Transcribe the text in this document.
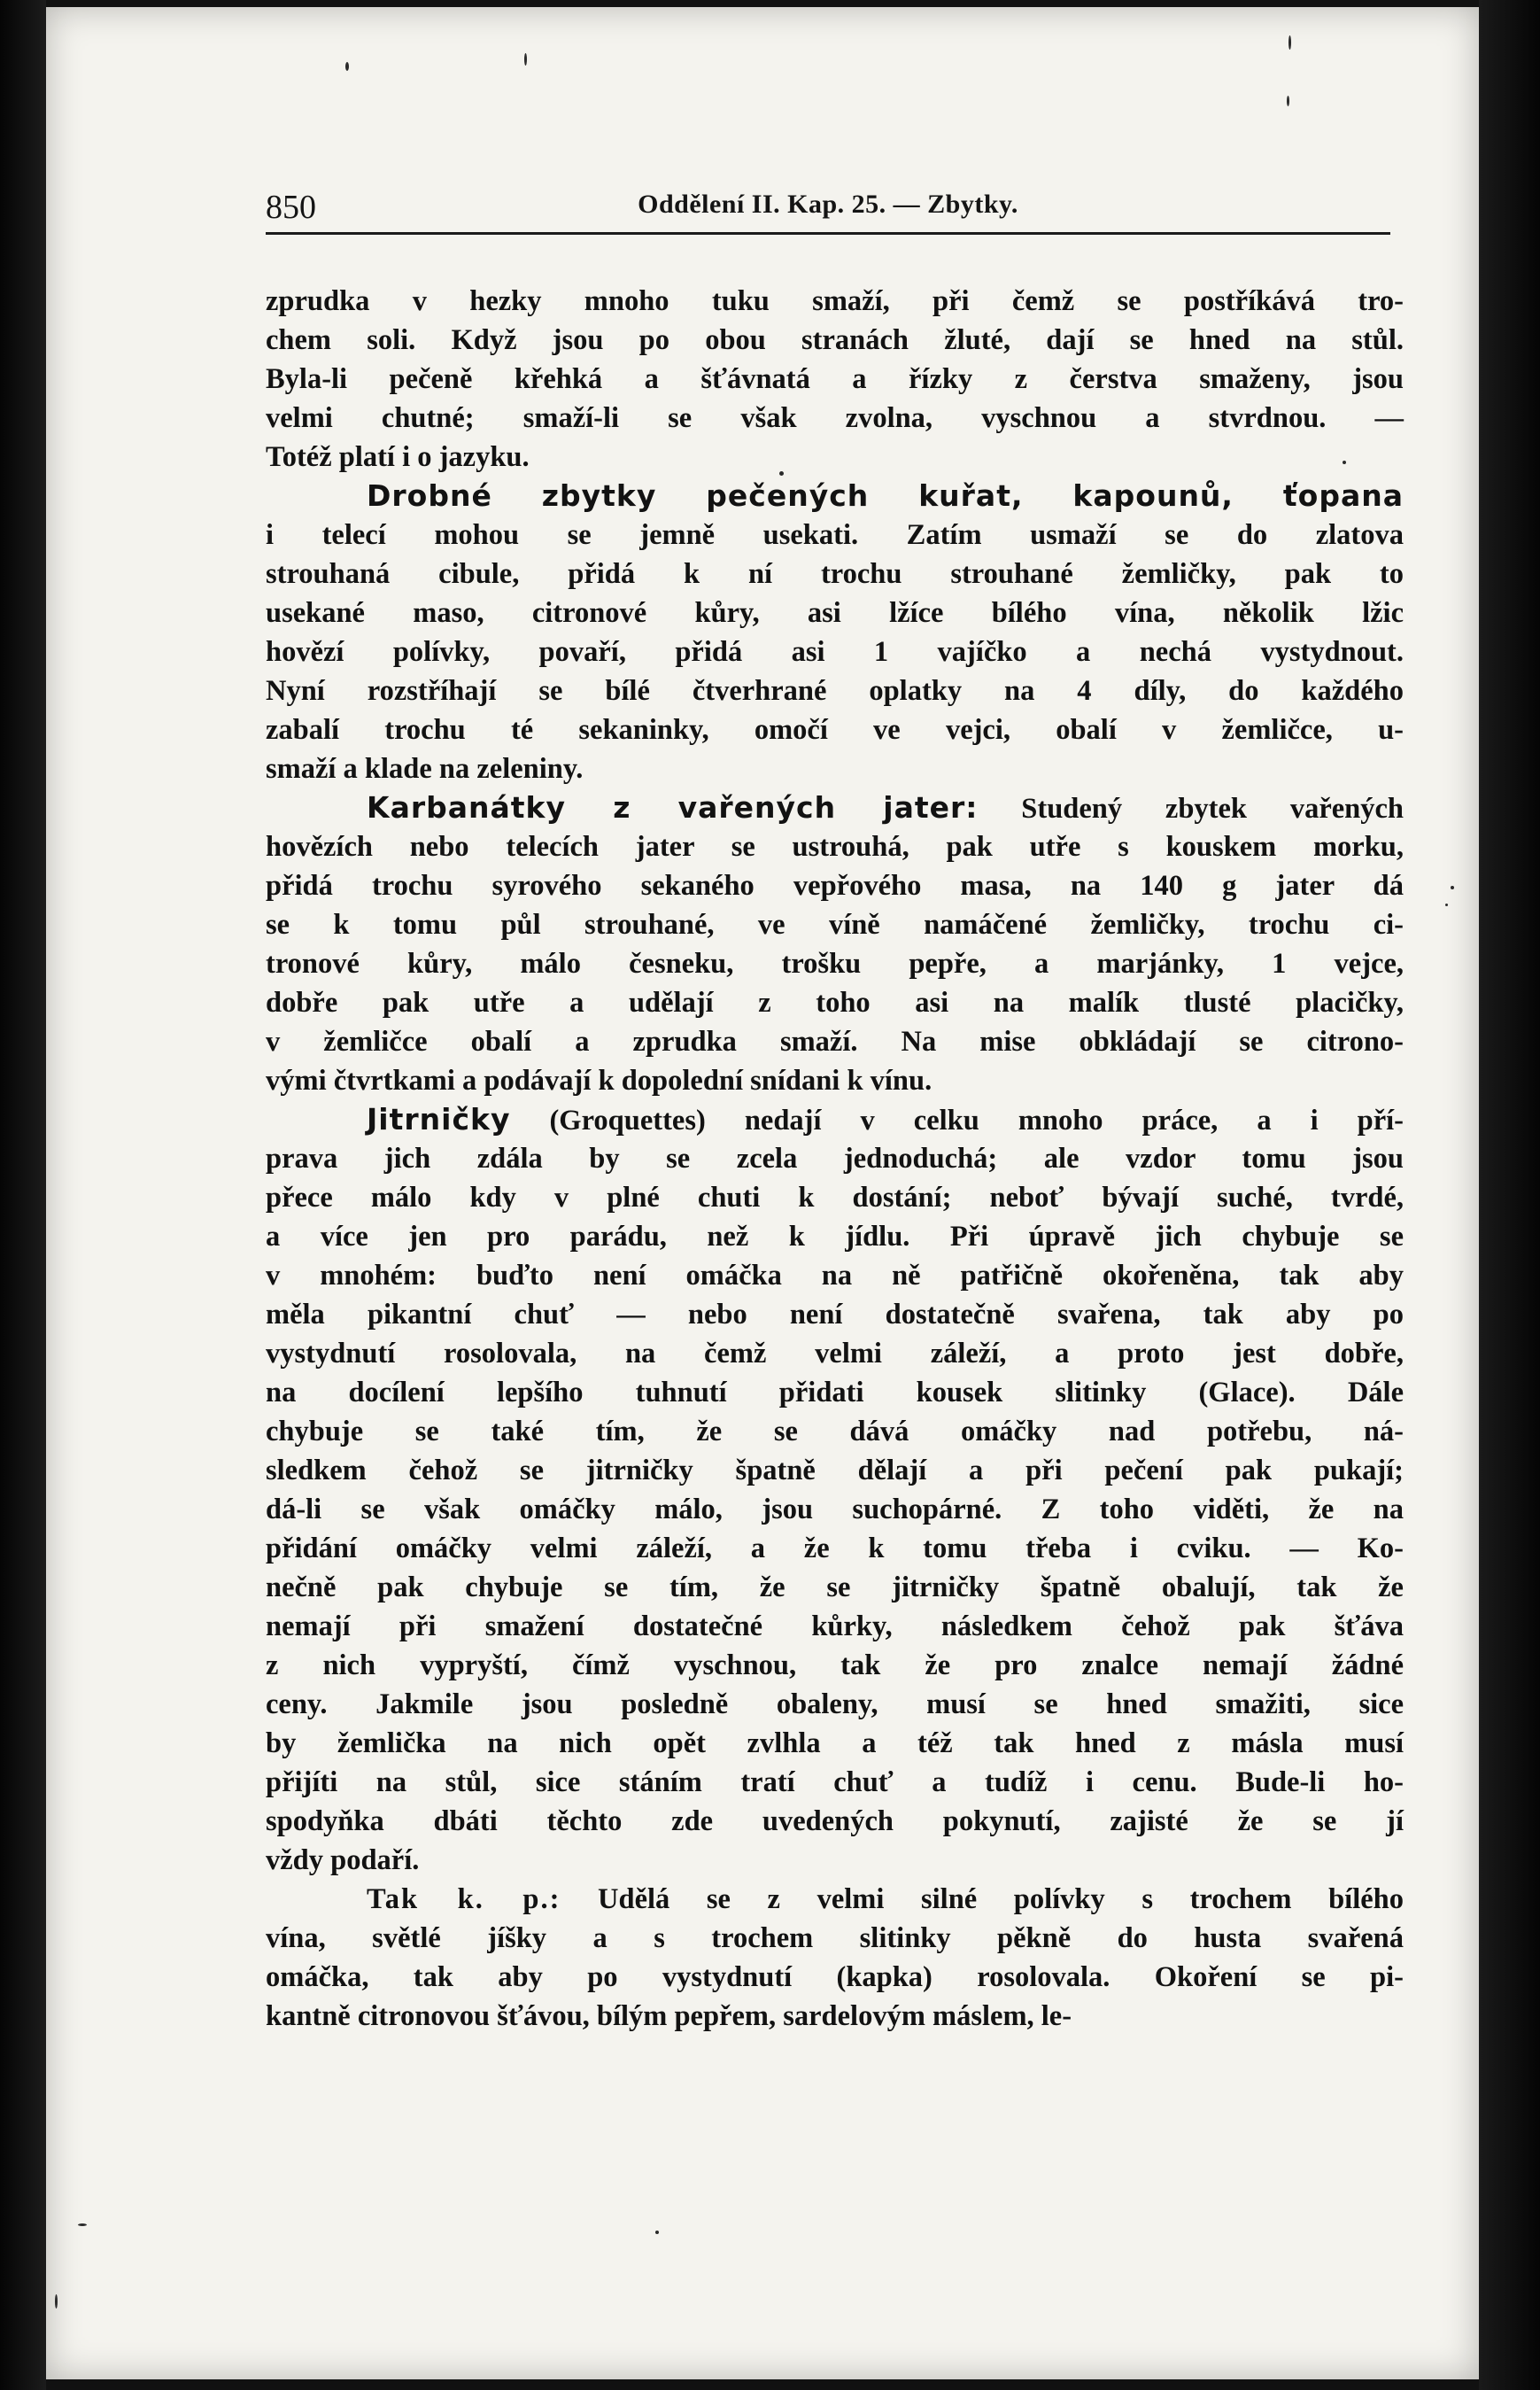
850	Oddělení II. Kap. 25. — Zbytky.
zprudka v hezky mnoho tuku smaží, při čemž se postříkává tro-
chem soli. Když jsou po obou stranách žluté, dají se hned na stůl.
Byla-li pečeně křehká a šťávnatá a řízky z čerstva smaženy, jsou
velmi chutné; smaží-li se však zvolna, vyschnou a stvrdnou. —
Totéž platí i o jazyku.
Drobné zbytky pečených kuřat, kapounů, ťopana
i telecí mohou se jemně usekati. Zatím usmaží se do zlatova
strouhaná cibule, přidá k ní trochu strouhané žemličky, pak to
usekané maso, citronové kůry, asi lžíce bílého vína, několik lžic
hovězí polívky, povaří, přidá asi 1 vajíčko a nechá vystydnout.
Nyní rozstříhají se bílé čtverhrané oplatky na 4 díly, do každého
zabalí trochu té sekaninky, omočí ve vejci, obalí v žemličce, u-
smaží a klade na zeleniny.
Karbanátky z vařených jater: Studený zbytek vařených
hovězích nebo telecích jater se ustrouhá, pak utře s kouskem morku,
přidá trochu syrového sekaného vepřového masa, na 140 g jater dá
se k tomu půl strouhané, ve víně namáčené žemličky, trochu ci-
tronové kůry, málo česneku, trošku pepře, a marjánky, 1 vejce,
dobře pak utře a udělají z toho asi na malík tlusté placičky,
v žemličce obalí a zprudka smaží. Na mise obkládají se citrono-
vými čtvrtkami a podávají k dopolední snídani k vínu.
Jitrničky (Groquettes) nedají v celku mnoho práce, a i pří-
prava jich zdála by se zcela jednoduchá; ale vzdor tomu jsou
přece málo kdy v plné chuti k dostání; neboť bývají suché, tvrdé,
a více jen pro parádu, než k jídlu. Při úpravě jich chybuje se
v mnohém: buďto není omáčka na ně patřičně okořeněna, tak aby
měla pikantní chuť — nebo není dostatečně svařena, tak aby po
vystydnutí rosolovala, na čemž velmi záleží, a proto jest dobře,
na docílení lepšího tuhnutí přidati kousek slitinky (Glace). Dále
chybuje se také tím, že se dává omáčky nad potřebu, ná-
sledkem čehož se jitrničky špatně dělají a při pečení pak pukají;
dá-li se však omáčky málo, jsou suchopárné. Z toho viděti, že na
přidání omáčky velmi záleží, a že k tomu třeba i cviku. — Ko-
nečně pak chybuje se tím, že se jitrničky špatně obalují, tak že
nemají při smažení dostatečné kůrky, následkem čehož pak šťáva
z nich vypryští, čímž vyschnou, tak že pro znalce nemají žádné
ceny. Jakmile jsou posledně obaleny, musí se hned smažiti, sice
by žemlička na nich opět zvlhla a též tak hned z másla musí
přijíti na stůl, sice stáním tratí chuť a tudíž i cenu. Bude-li ho-
spodyňka dbáti těchto zde uvedených pokynutí, zajisté že se jí
vždy podaří.
Tak k. p.: Udělá se z velmi silné polívky s trochem bílého
vína, světlé jíšky a s trochem slitinky pěkně do husta svařená
omáčka, tak aby po vystydnutí (kapka) rosolovala. Okoření se pi-
kantně citronovou šťávou, bílým pepřem, sardelovým máslem, le-
